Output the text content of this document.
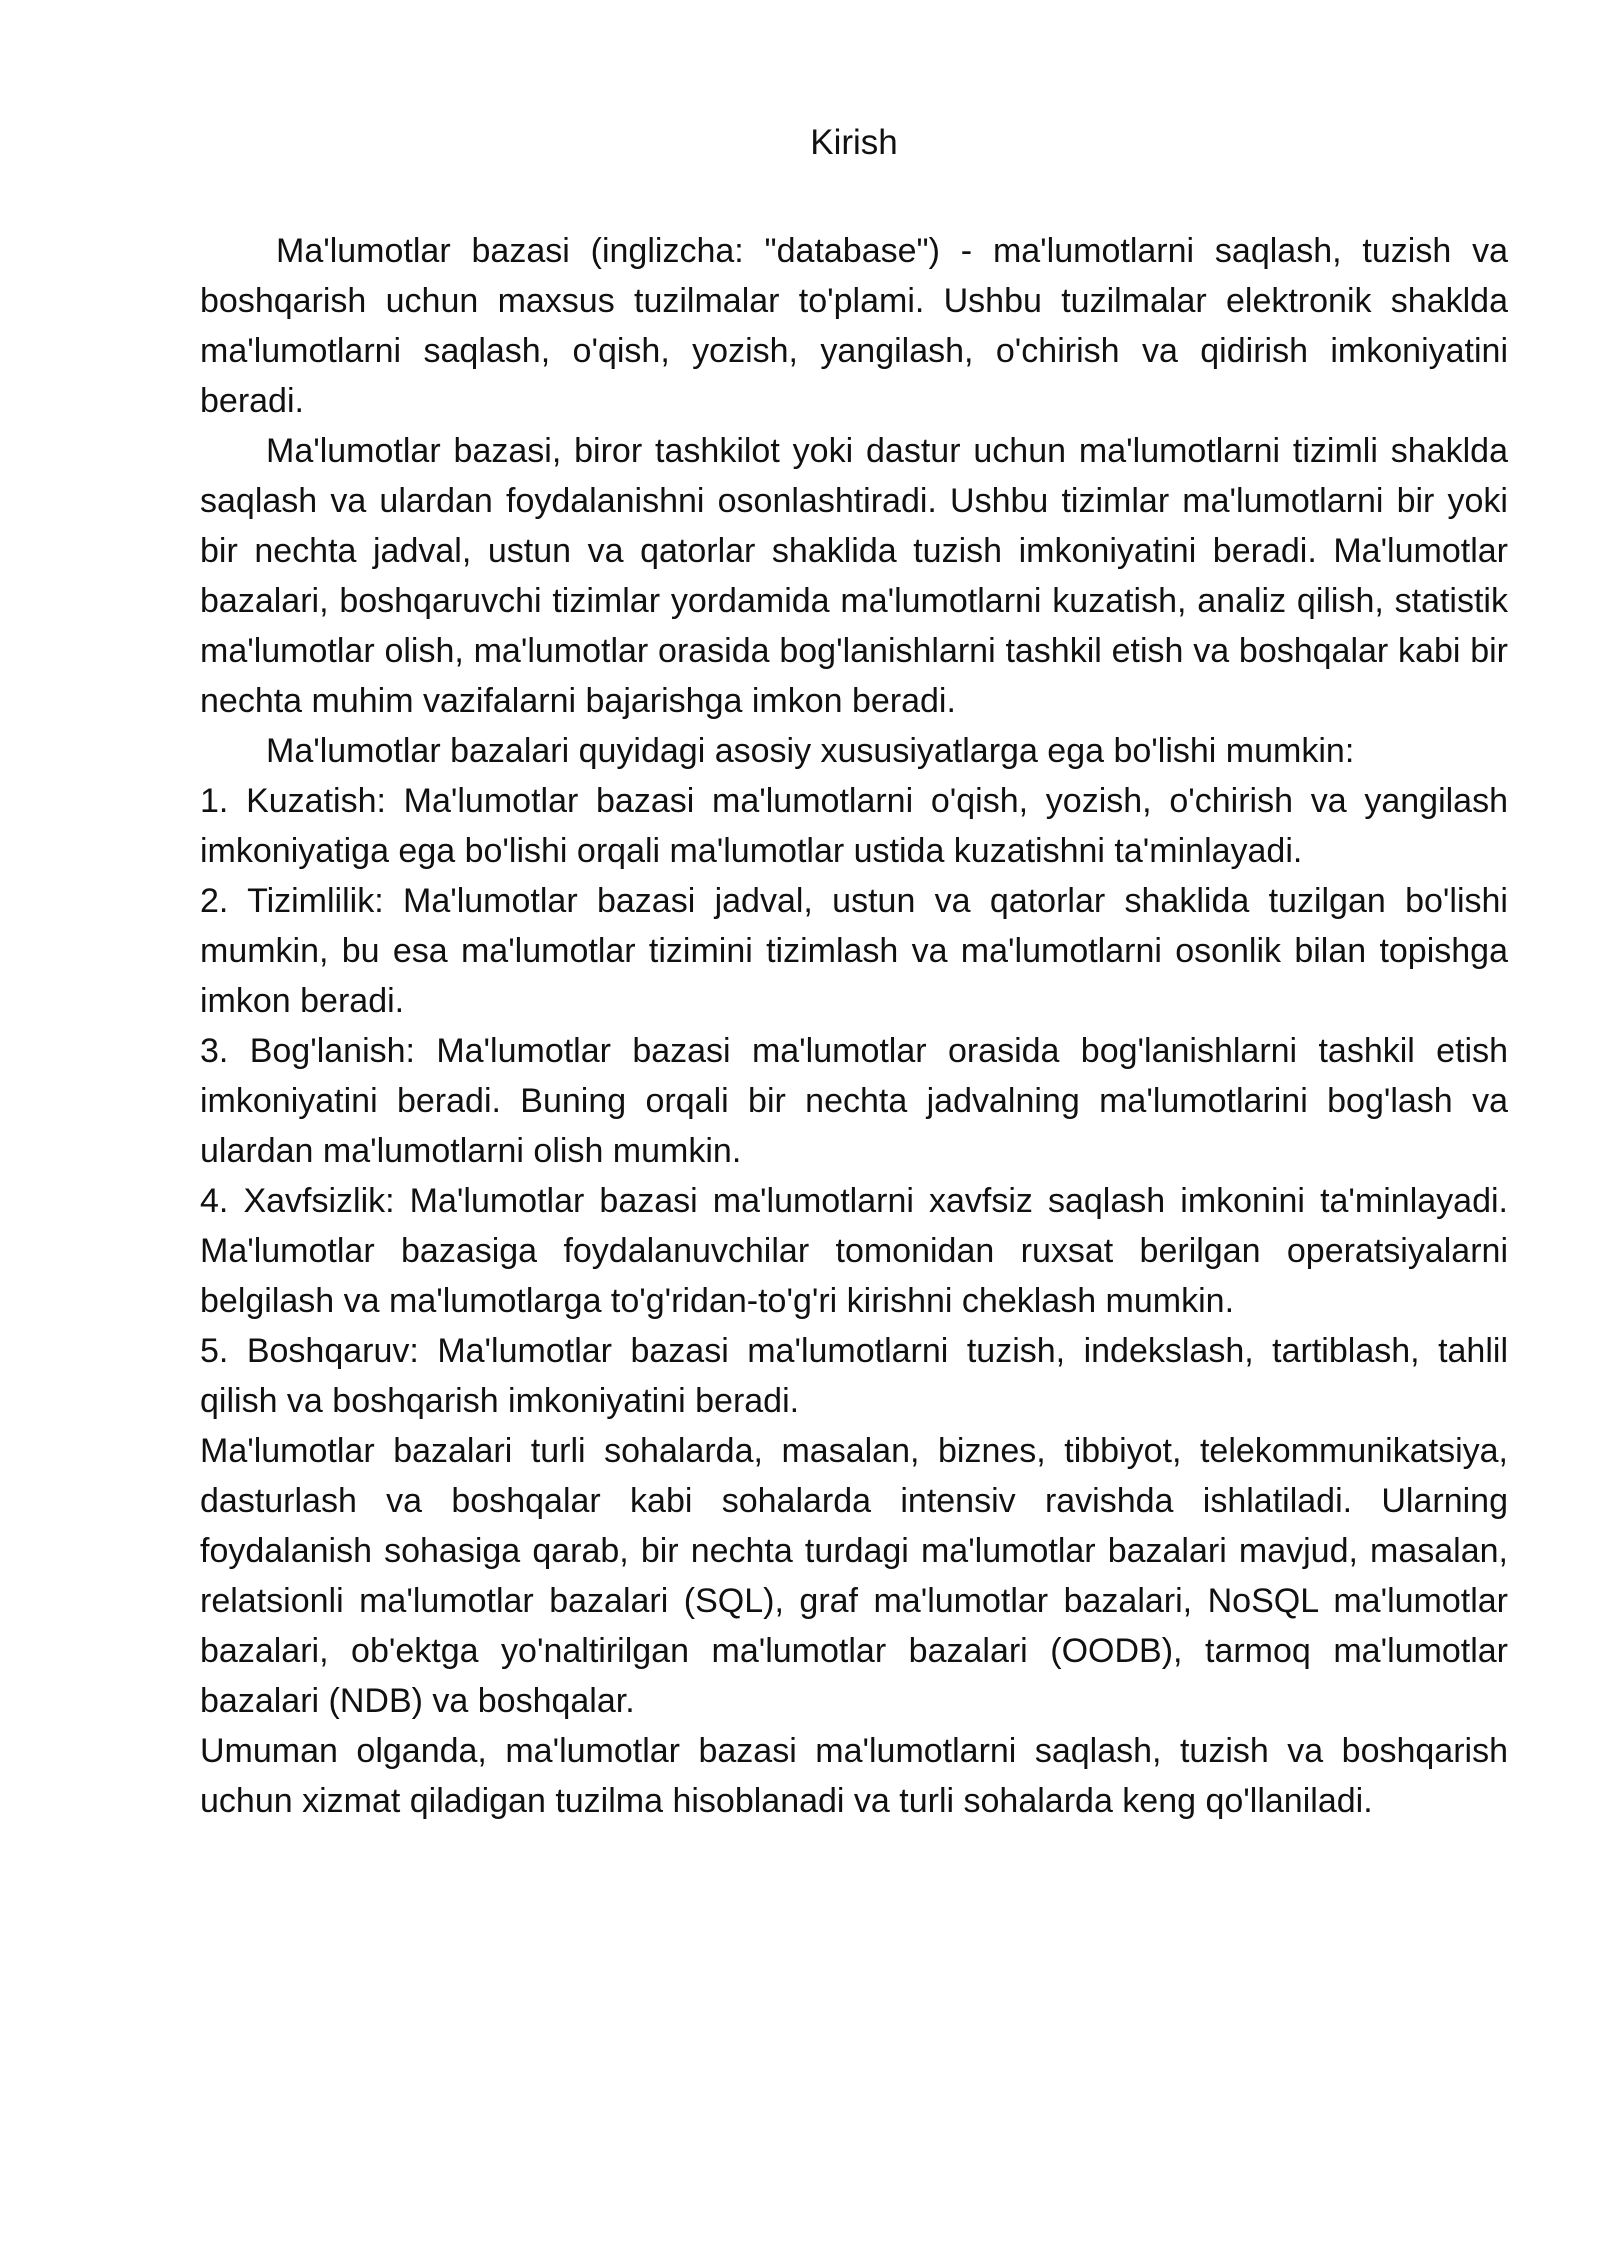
Kirish

Ma'lumotlar bazasi (inglizcha: "database") - ma'lumotlarni saqlash, tuzish va boshqarish uchun maxsus tuzilmalar to'plami. Ushbu tuzilmalar elektronik shaklda ma'lumotlarni saqlash, o'qish, yozish, yangilash, o'chirish va qidirish imkoniyatini beradi.

Ma'lumotlar bazasi, biror tashkilot yoki dastur uchun ma'lumotlarni tizimli shaklda saqlash va ulardan foydalanishni osonlashtiradi. Ushbu tizimlar ma'lumotlarni bir yoki bir nechta jadval, ustun va qatorlar shaklida tuzish imkoniyatini beradi. Ma'lumotlar bazalari, boshqaruvchi tizimlar yordamida ma'lumotlarni kuzatish, analiz qilish, statistik ma'lumotlar olish, ma'lumotlar orasida bog'lanishlarni tashkil etish va boshqalar kabi bir nechta muhim vazifalarni bajarishga imkon beradi.

Ma'lumotlar bazalari quyidagi asosiy xususiyatlarga ega bo'lishi mumkin:

1. Kuzatish: Ma'lumotlar bazasi ma'lumotlarni o'qish, yozish, o'chirish va yangilash imkoniyatiga ega bo'lishi orqali ma'lumotlar ustida kuzatishni ta'minlayadi.

2. Tizimlilik: Ma'lumotlar bazasi jadval, ustun va qatorlar shaklida tuzilgan bo'lishi mumkin, bu esa ma'lumotlar tizimini tizimlash va ma'lumotlarni osonlik bilan topishga imkon beradi.

3. Bog'lanish: Ma'lumotlar bazasi ma'lumotlar orasida bog'lanishlarni tashkil etish imkoniyatini beradi. Buning orqali bir nechta jadvalning ma'lumotlarini bog'lash va ulardan ma'lumotlarni olish mumkin.

4. Xavfsizlik: Ma'lumotlar bazasi ma'lumotlarni xavfsiz saqlash imkonini ta'minlayadi. Ma'lumotlar bazasiga foydalanuvchilar tomonidan ruxsat berilgan operatsiyalarni belgilash va ma'lumotlarga to'g'ridan-to'g'ri kirishni cheklash mumkin.

5. Boshqaruv: Ma'lumotlar bazasi ma'lumotlarni tuzish, indekslash, tartiblash, tahlil qilish va boshqarish imkoniyatini beradi.

Ma'lumotlar bazalari turli sohalarda, masalan, biznes, tibbiyot, telekommunikatsiya, dasturlash va boshqalar kabi sohalarda intensiv ravishda ishlatiladi. Ularning foydalanish sohasiga qarab, bir nechta turdagi ma'lumotlar bazalari mavjud, masalan, relatsionli ma'lumotlar bazalari (SQL), graf ma'lumotlar bazalari, NoSQL ma'lumotlar bazalari, ob'ektga yo'naltirilgan ma'lumotlar bazalari (OODB), tarmoq ma'lumotlar bazalari (NDB) va boshqalar.

Umuman olganda, ma'lumotlar bazasi ma'lumotlarni saqlash, tuzish va boshqarish uchun xizmat qiladigan tuzilma hisoblanadi va turli sohalarda keng qo'llaniladi.
